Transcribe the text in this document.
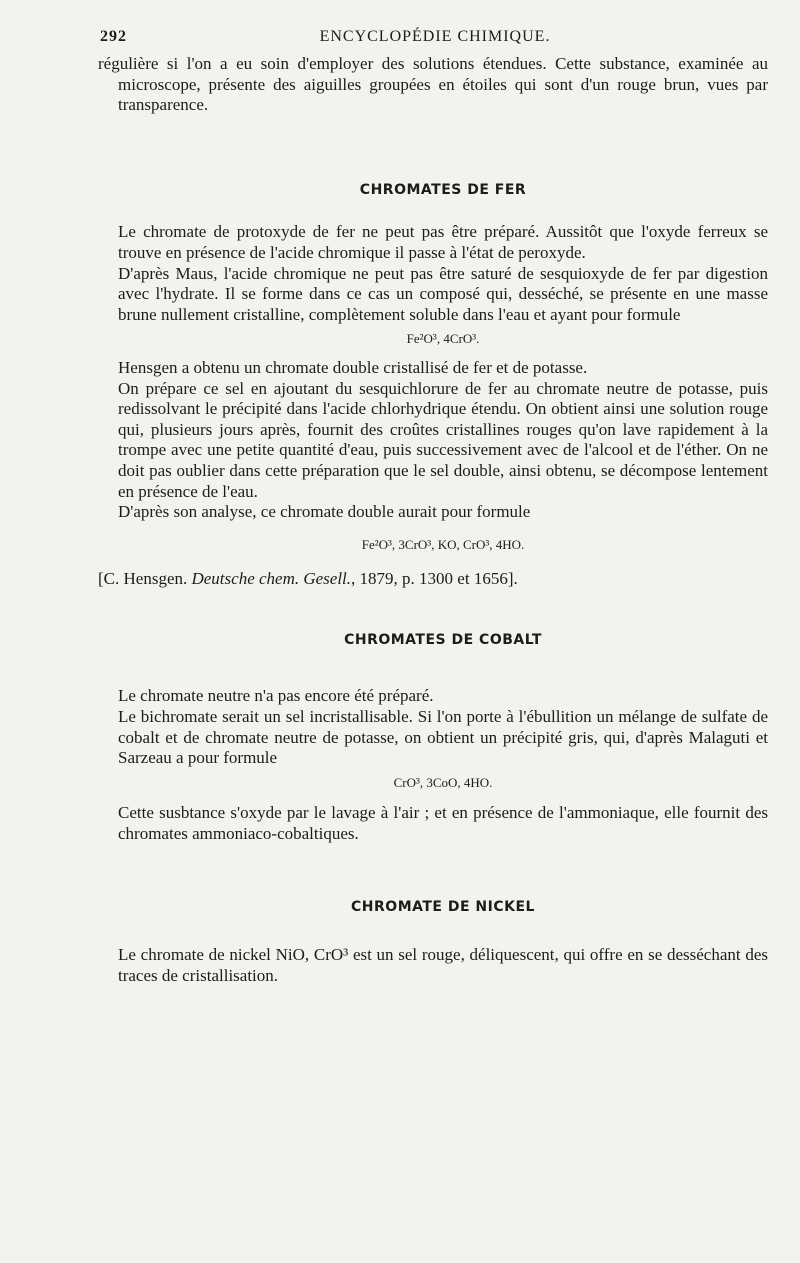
292	ENCYCLOPÉDIE CHIMIQUE.

régulière si l'on a eu soin d'employer des solutions étendues. Cette substance, examinée au microscope, présente des aiguilles groupées en étoiles qui sont d'un rouge brun, vues par transparence.

CHROMATES DE FER

Le chromate de protoxyde de fer ne peut pas être préparé. Aussitôt que l'oxyde ferreux se trouve en présence de l'acide chromique il passe à l'état de peroxyde.

D'après Maus, l'acide chromique ne peut pas être saturé de sesquioxyde de fer par digestion avec l'hydrate. Il se forme dans ce cas un composé qui, desséché, se présente en une masse brune nullement cristalline, complètement soluble dans l'eau et ayant pour formule

Fe²O³, 4CrO³.

Hensgen a obtenu un chromate double cristallisé de fer et de potasse.

On prépare ce sel en ajoutant du sesquichlorure de fer au chromate neutre de potasse, puis redissolvant le précipité dans l'acide chlorhydrique étendu. On obtient ainsi une solution rouge qui, plusieurs jours après, fournit des croûtes cristallines rouges qu'on lave rapidement à la trompe avec une petite quantité d'eau, puis successivement avec de l'alcool et de l'éther. On ne doit pas oublier dans cette préparation que le sel double, ainsi obtenu, se décompose lentement en présence de l'eau.

D'après son analyse, ce chromate double aurait pour formule

Fe²O³, 3CrO³, KO, CrO³, 4HO.

[C. Hensgen. Deutsche chem. Gesell., 1879, p. 1300 et 1656].

CHROMATES DE COBALT

Le chromate neutre n'a pas encore été préparé.

Le bichromate serait un sel incristallisable. Si l'on porte à l'ébullition un mélange de sulfate de cobalt et de chromate neutre de potasse, on obtient un précipité gris, qui, d'après Malaguti et Sarzeau a pour formule

CrO³, 3CoO, 4HO.

Cette susbtance s'oxyde par le lavage à l'air ; et en présence de l'ammoniaque, elle fournit des chromates ammoniaco-cobaltiques.

CHROMATE DE NICKEL

Le chromate de nickel NiO, CrO³ est un sel rouge, déliquescent, qui offre en se desséchant des traces de cristallisation.
